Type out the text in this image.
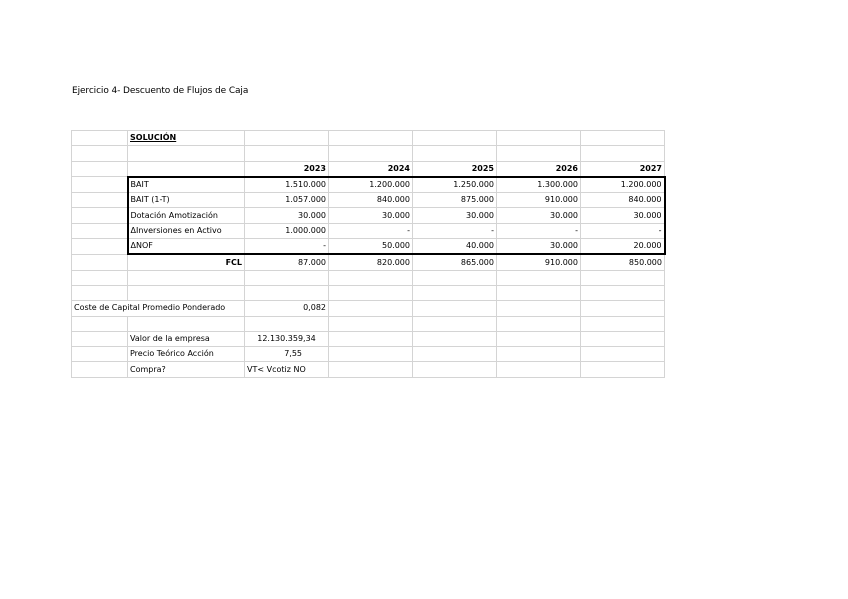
Ejercicio 4- Descuento de Flujos de Caja
	SOLUCIÓN					

		2023	2024	2025	2026	2027
	BAIT	1.510.000	1.200.000	1.250.000	1.300.000	1.200.000
	BAIT (1-T)	1.057.000	840.000	875.000	910.000	840.000
	Dotación Amotización	30.000	30.000	30.000	30.000	30.000
	ΔInversiones en Activo	1.000.000	-	-	-	-
	ΔNOF	-	50.000	40.000	30.000	20.000
	FCL	87.000	820.000	865.000	910.000	850.000

Coste de Capital Promedio Ponderado		0,082				

	Valor de la empresa	12.130.359,34				
	Precio Teórico Acción	7,55				
	Compra?	VT< Vcotiz NO				
